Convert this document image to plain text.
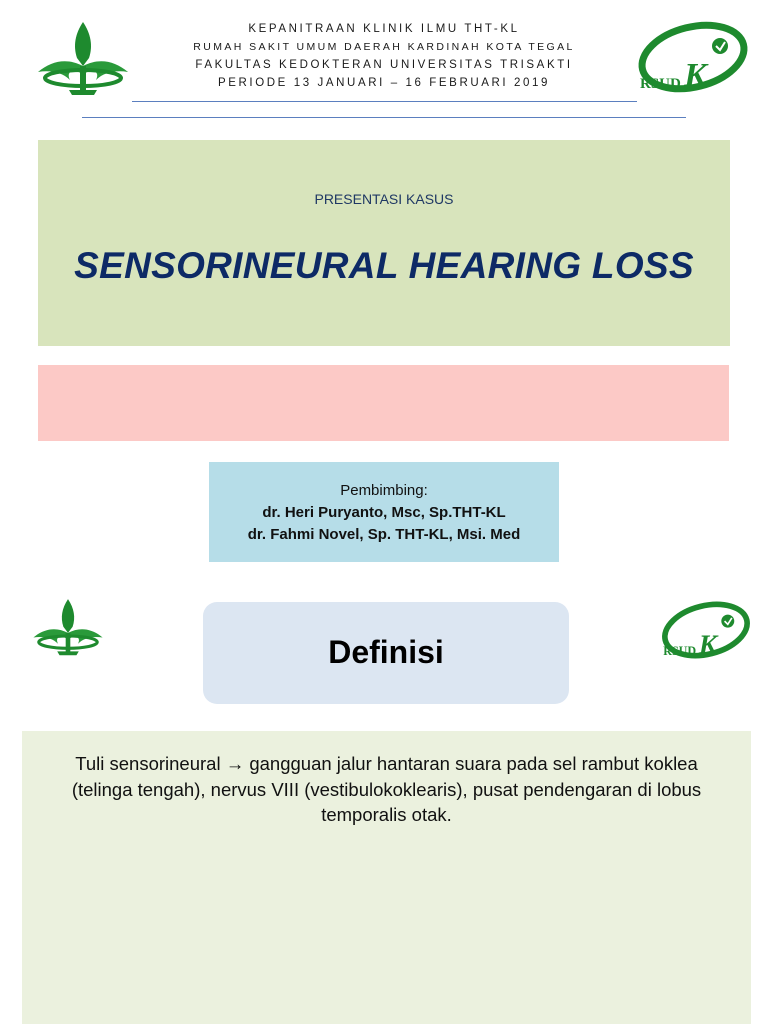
RSUD K
KEPANITRAAN KLINIK ILMU THT-KL
RUMAH SAKIT UMUM DAERAH KARDINAH KOTA TEGAL
FAKULTAS KEDOKTERAN UNIVERSITAS TRISAKTI
PERIODE 13 JANUARI – 16 FEBRUARI 2019
PRESENTASI KASUS
SENSORINEURAL HEARING LOSS
Pembimbing:
dr. Heri Puryanto, Msc, Sp.THT-KL
dr. Fahmi Novel, Sp. THT-KL, Msi. Med
Definisi	RSUD K
Tuli sensorineural → gangguan jalur hantaran suara pada sel rambut koklea (telinga tengah), nervus VIII (vestibulokoklearis), pusat pendengaran di lobus temporalis otak.
